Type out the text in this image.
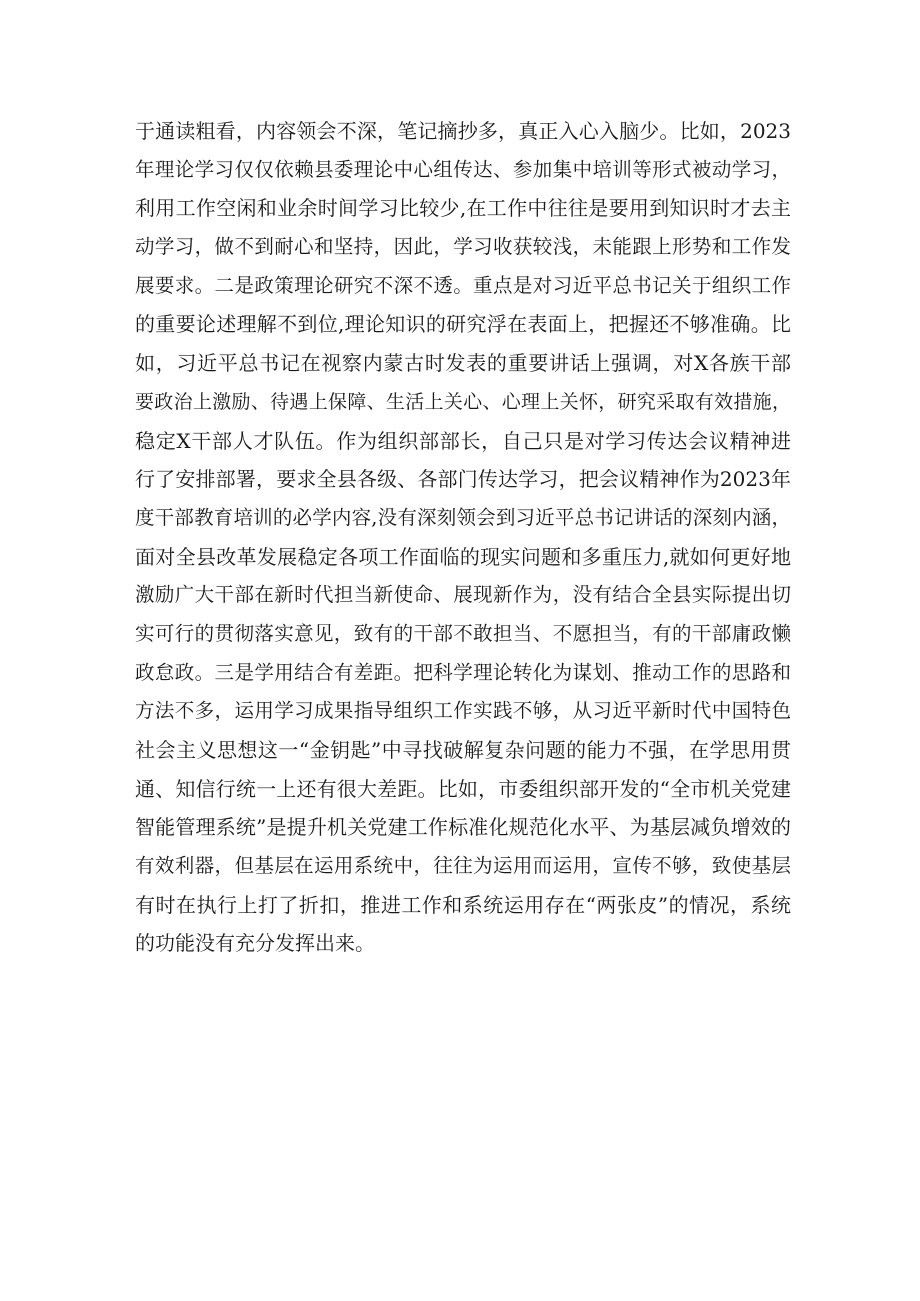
于通读粗看，内容领会不深，笔记摘抄多，真正入心入脑少。比如，2023
年理论学习仅仅依赖县委理论中心组传达、参加集中培训等形式被动学习，
利用工作空闲和业余时间学习比较少,在工作中往往是要用到知识时才去主
动学习，做不到耐心和坚持，因此，学习收获较浅，未能跟上形势和工作发
展要求。二是政策理论研究不深不透。重点是对习近平总书记关于组织工作
的重要论述理解不到位,理论知识的研究浮在表面上，把握还不够准确。比
如，习近平总书记在视察内蒙古时发表的重要讲话上强调，对X各族干部
要政治上激励、待遇上保障、生活上关心、心理上关怀，研究采取有效措施，
稳定X干部人才队伍。作为组织部部长，自己只是对学习传达会议精神进
行了安排部署，要求全县各级、各部门传达学习，把会议精神作为2023年
度干部教育培训的必学内容,没有深刻领会到习近平总书记讲话的深刻内涵，
面对全县改革发展稳定各项工作面临的现实问题和多重压力,就如何更好地
激励广大干部在新时代担当新使命、展现新作为，没有结合全县实际提出切
实可行的贯彻落实意见，致有的干部不敢担当、不愿担当，有的干部庸政懒
政怠政。三是学用结合有差距。把科学理论转化为谋划、推动工作的思路和
方法不多，运用学习成果指导组织工作实践不够，从习近平新时代中国特色
社会主义思想这一“金钥匙”中寻找破解复杂问题的能力不强，在学思用贯
通、知信行统一上还有很大差距。比如，市委组织部开发的“全市机关党建
智能管理系统”是提升机关党建工作标准化规范化水平、为基层减负增效的
有效利器，但基层在运用系统中，往往为运用而运用，宣传不够，致使基层
有时在执行上打了折扣，推进工作和系统运用存在“两张皮”的情况，系统
的功能没有充分发挥出来。
